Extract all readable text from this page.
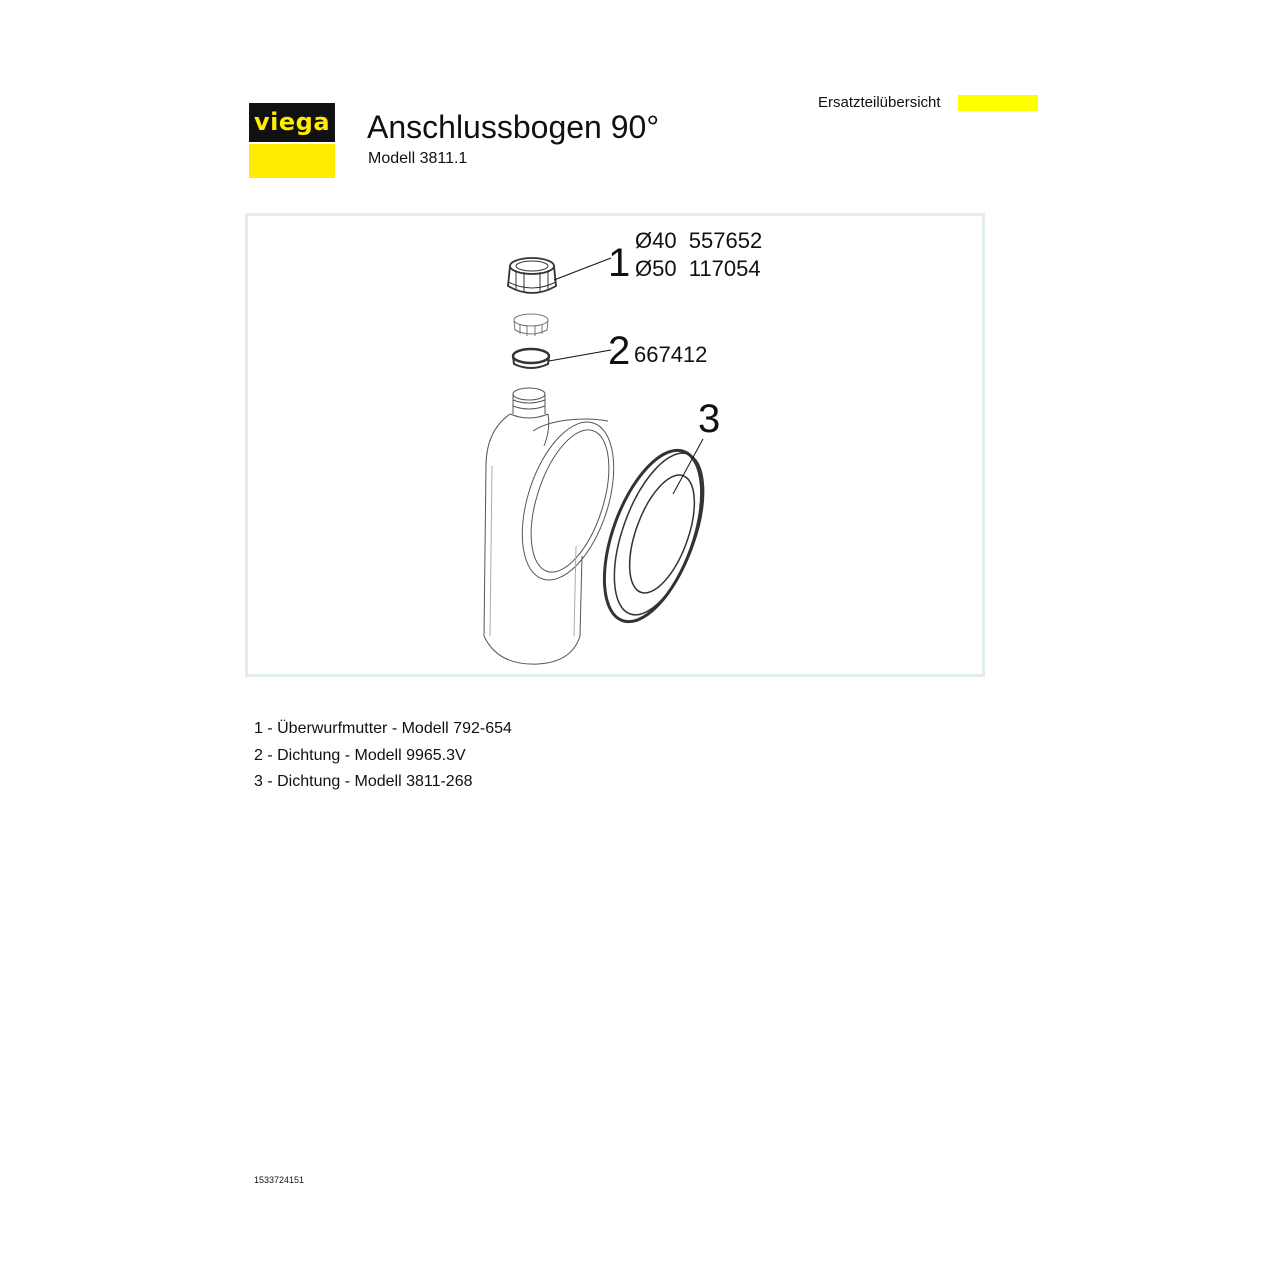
viega Anschlussbogen 90°
Modell 3811.1
Ersatzteilübersicht
1
Ø40  557652
Ø50  117054
2 667412
3
1 - Überwurfmutter - Modell 792-654
2 - Dichtung - Modell 9965.3V
3 - Dichtung - Modell 3811-268
1533724151
